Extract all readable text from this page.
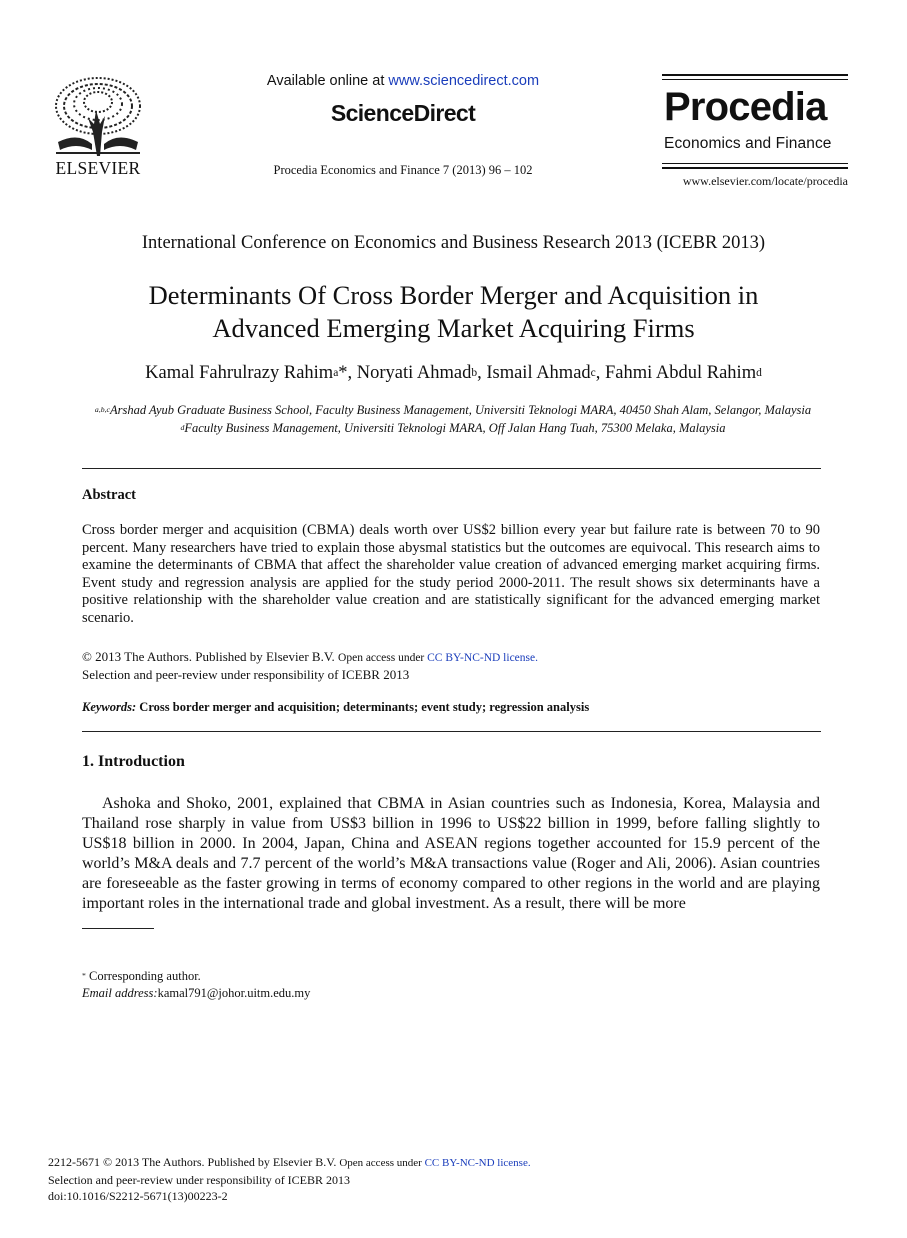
ELSEVIER
Available online at www.sciencedirect.com
ScienceDirect
Procedia Economics and Finance 7 (2013) 96 – 102
Procedia
Economics and Finance
www.elsevier.com/locate/procedia
International Conference on Economics and Business Research 2013 (ICEBR 2013)
Determinants Of Cross Border Merger and Acquisition in
Advanced Emerging Market Acquiring Firms
Kamal Fahrulrazy Rahim$^a$*, Noryati Ahmad$^b$, Ismail Ahmad$^c$, Fahmi Abdul Rahim$^d$
$^{a,b,c}$Arshad Ayub Graduate Business School, Faculty Business Management, Universiti Teknologi MARA, 40450 Shah Alam, Selangor, Malaysia
$^d$Faculty Business Management, Universiti Teknologi MARA, Off Jalan Hang Tuah, 75300 Melaka, Malaysia
Abstract
Cross border merger and acquisition (CBMA) deals worth over US$2 billion every year but failure rate is between 70 to 90 percent. Many researchers have tried to explain those abysmal statistics but the outcomes are equivocal. This research aims to examine the determinants of CBMA that affect the shareholder value creation of advanced emerging market acquiring firms. Event study and regression analysis are applied for the study period 2000-2011. The result shows six determinants have a positive relationship with the shareholder value creation and are statistically significant for the advanced emerging market scenario.
© 2013 The Authors. Published by Elsevier B.V. Open access under CC BY-NC-ND license.
Selection and peer-review under responsibility of ICEBR 2013
Keywords: Cross border merger and acquisition; determinants; event study; regression analysis
1. Introduction
Ashoka and Shoko, 2001, explained that CBMA in Asian countries such as Indonesia, Korea, Malaysia and Thailand rose sharply in value from US$3 billion in 1996 to US$22 billion in 1999, before falling slightly to US$18 billion in 2000. In 2004, Japan, China and ASEAN regions together accounted for 15.9 percent of the world’s M&A deals and 7.7 percent of the world’s M&A transactions value (Roger and Ali, 2006). Asian countries are foreseeable as the faster growing in terms of economy compared to other regions in the world and are playing important roles in the international trade and global investment. As a result, there will be more
* Corresponding author.
Email address:kamal791@johor.uitm.edu.my
2212-5671 © 2013 The Authors. Published by Elsevier B.V. Open access under CC BY-NC-ND license.
Selection and peer-review under responsibility of ICEBR 2013
doi:10.1016/S2212-5671(13)00223-2
